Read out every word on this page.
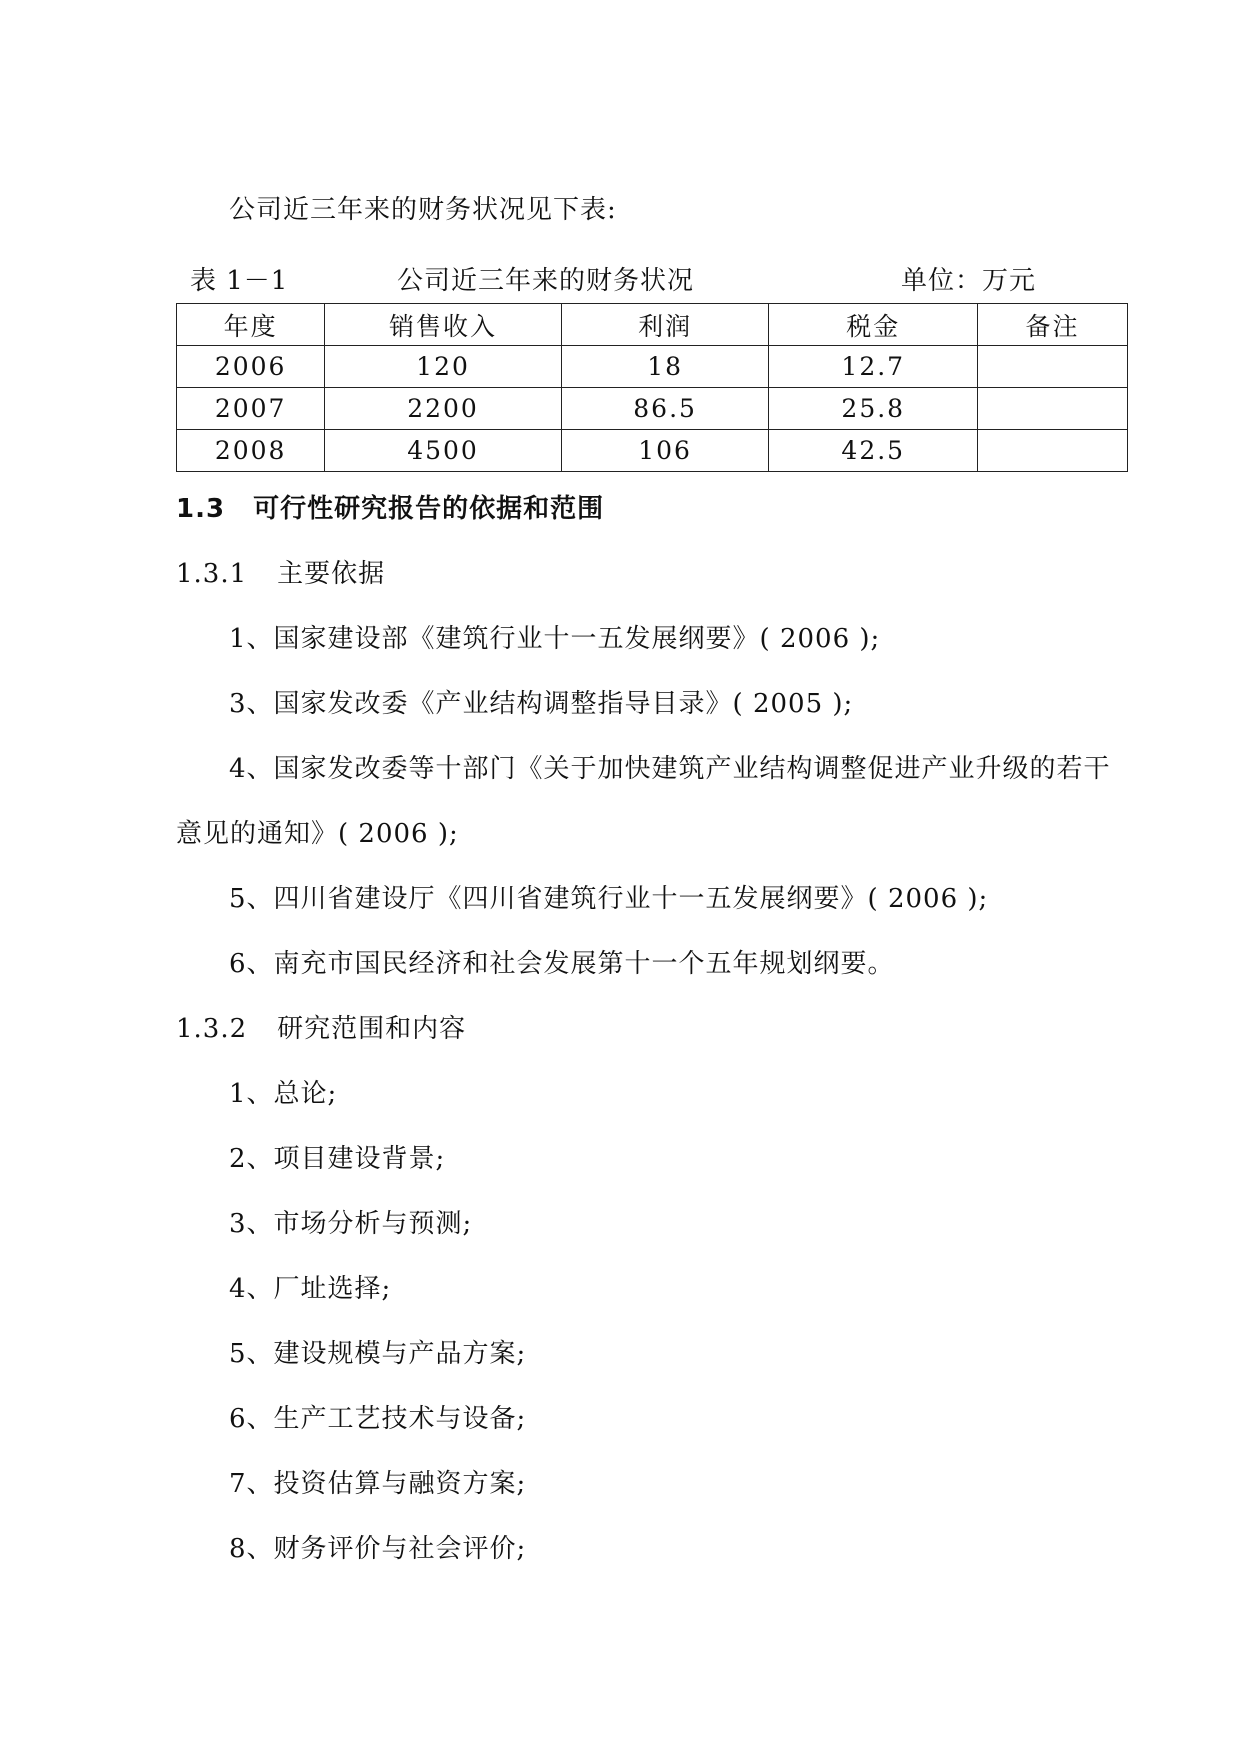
公司近三年来的财务状况见下表:
表 1－1	公司近三年来的财务状况	单位：万元
年度	销售收入	利润	税金	备注
2006	120	18	12.7	
2007	2200	86.5	25.8	
2008	4500	106	42.5	
1.3 可行性研究报告的依据和范围
1.3.1 主要依据
1、国家建设部《建筑行业十一五发展纲要》( 2006 );
3、国家发改委《产业结构调整指导目录》( 2005 );
4、国家发改委等十部门《关于加快建筑产业结构调整促进产业升级的若干
意见的通知》( 2006 );
5、四川省建设厅《四川省建筑行业十一五发展纲要》( 2006 );
6、南充市国民经济和社会发展第十一个五年规划纲要。
1.3.2 研究范围和内容
1、总论;
2、项目建设背景;
3、市场分析与预测;
4、厂址选择;
5、建设规模与产品方案;
6、生产工艺技术与设备;
7、投资估算与融资方案;
8、财务评价与社会评价;
